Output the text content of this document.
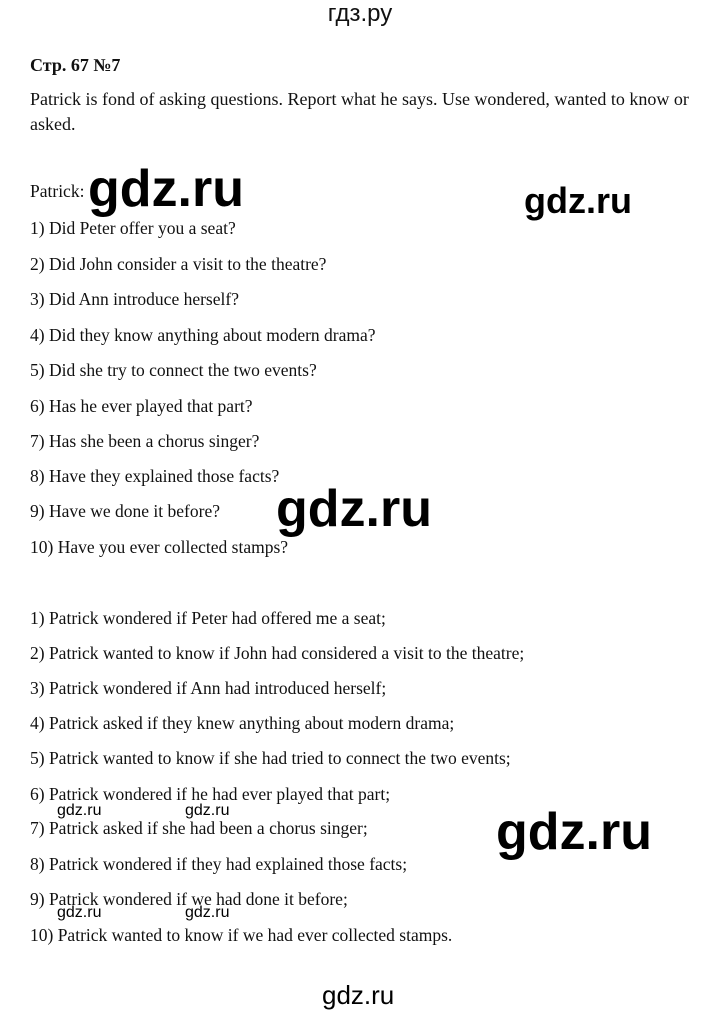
гдз.ру
Стр. 67 №7
Patrick is fond of asking questions. Report what he says. Use wondered, wanted to know or asked.
Patrick:
1) Did Peter offer you a seat?
2) Did John consider a visit to the theatre?
3) Did Ann introduce herself?
4) Did they know anything about modern drama?
5) Did she try to connect the two events?
6) Has he ever played that part?
7) Has she been a chorus singer?
8) Have they explained those facts?
9) Have we done it before?
10) Have you ever collected stamps?
1) Patrick wondered if Peter had offered me a seat;
2) Patrick wanted to know if John had considered a visit to the theatre;
3) Patrick wondered if Ann had introduced herself;
4) Patrick asked if they knew anything about modern drama;
5) Patrick wanted to know if she had tried to connect the two events;
6) Patrick wondered if he had ever played that part;
7) Patrick asked if she had been a chorus singer;
8) Patrick wondered if they had explained those facts;
9) Patrick wondered if we had done it before;
10) Patrick wanted to know if we had ever collected stamps.
gdz.ru	gdz.ru
gdz.ru
gdz.ru
gdz.ru	gdz.ru
gdz.ru	gdz.ru
gdz.ru
